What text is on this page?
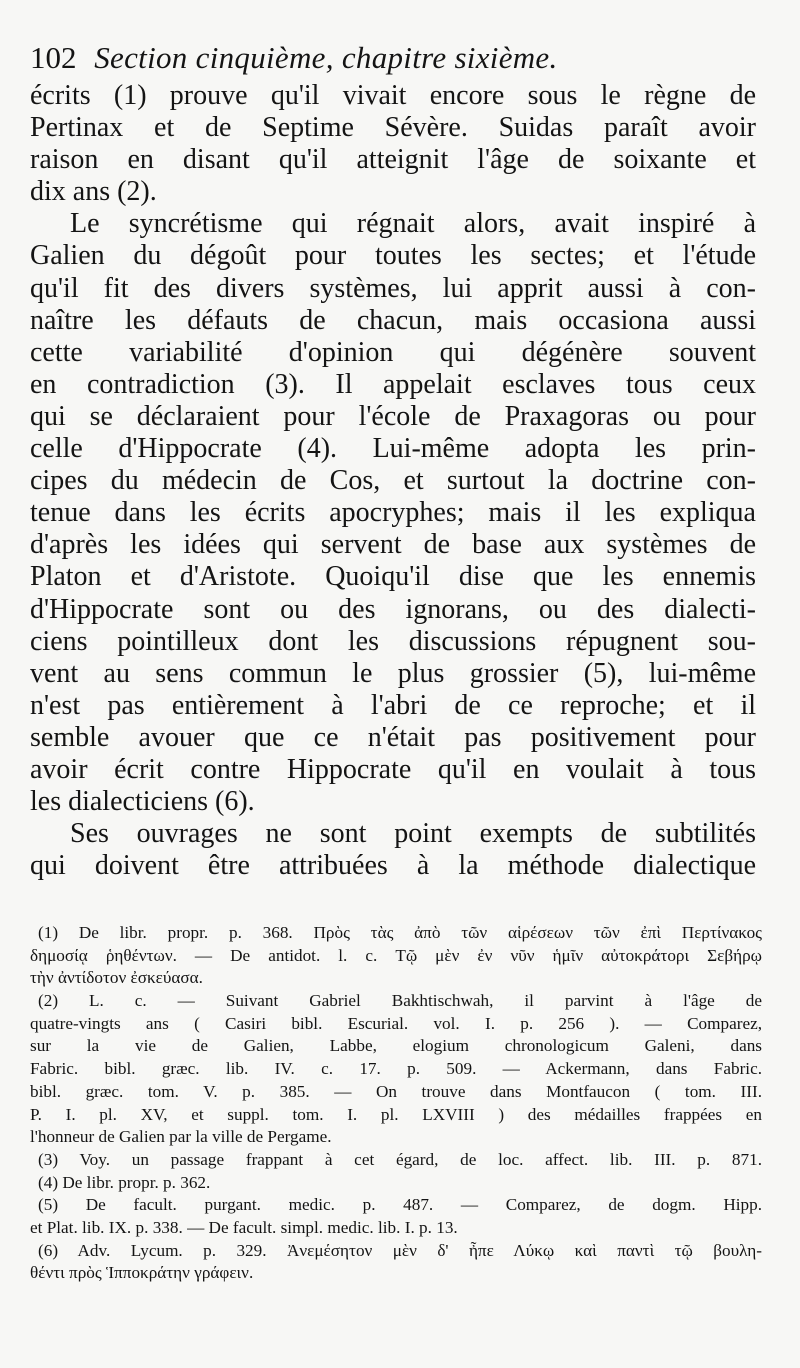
102 Section cinquième, chapitre sixième.
écrits (1) prouve qu'il vivait encore sous le règne de
Pertinax et de Septime Sévère. Suidas paraît avoir
raison en disant qu'il atteignit l'âge de soixante et
dix ans (2).
Le syncrétisme qui régnait alors, avait inspiré à
Galien du dégoût pour toutes les sectes; et l'étude
qu'il fit des divers systèmes, lui apprit aussi à con-
naître les défauts de chacun, mais occasiona aussi
cette variabilité d'opinion qui dégénère souvent
en contradiction (3). Il appelait esclaves tous ceux
qui se déclaraient pour l'école de Praxagoras ou pour
celle d'Hippocrate (4). Lui-même adopta les prin-
cipes du médecin de Cos, et surtout la doctrine con-
tenue dans les écrits apocryphes; mais il les expliqua
d'après les idées qui servent de base aux systèmes de
Platon et d'Aristote. Quoiqu'il dise que les ennemis
d'Hippocrate sont ou des ignorans, ou des dialecti-
ciens pointilleux dont les discussions répugnent sou-
vent au sens commun le plus grossier (5), lui-même
n'est pas entièrement à l'abri de ce reproche; et il
semble avouer que ce n'était pas positivement pour
avoir écrit contre Hippocrate qu'il en voulait à tous
les dialecticiens (6).
Ses ouvrages ne sont point exempts de subtilités
qui doivent être attribuées à la méthode dialectique
(1) De libr. propr. p. 368. Πρὸς τὰς ἀπὸ τῶν αἱρέσεων τῶν ἐπὶ Περτίνακος
δημοσίᾳ ῥηθέντων. — De antidot. l. c. Τῷ μὲν ἐν νῦν ἡμῖν αὐτοκράτορι Σεβήρῳ
τὴν ἀντίδοτον ἐσκεύασα.
(2) L. c. — Suivant Gabriel Bakhtischwah, il parvint à l'âge de
quatre-vingts ans ( Casiri bibl. Escurial. vol. I. p. 256 ). — Comparez,
sur la vie de Galien, Labbe, elogium chronologicum Galeni, dans
Fabric. bibl. græc. lib. IV. c. 17. p. 509. — Ackermann, dans Fabric.
bibl. græc. tom. V. p. 385. — On trouve dans Montfaucon ( tom. III.
P. I. pl. XV, et suppl. tom. I. pl. LXVIII ) des médailles frappées en
l'honneur de Galien par la ville de Pergame.
(3) Voy. un passage frappant à cet égard, de loc. affect. lib. III. p. 871.
(4) De libr. propr. p. 362.
(5) De facult. purgant. medic. p. 487. — Comparez, de dogm. Hipp.
et Plat. lib. IX. p. 338. — De facult. simpl. medic. lib. I. p. 13.
(6) Adv. Lycum. p. 329. Ἀνεμέσητον μὲν δ' ἦπε Λύκῳ καὶ παντὶ τῷ βουλη-
θέντι πρὸς Ἱπποκράτην γράφειν.
